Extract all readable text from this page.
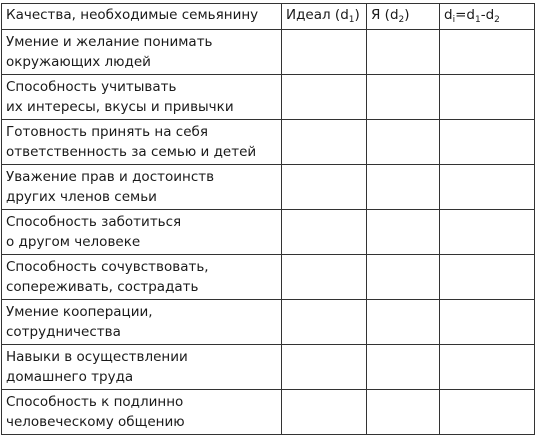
Качества, необходимые семьянину	Идеал $(d_1)$	Я $(d_2)$	$d_i=d_1-d_2$

Умение и желание понимать
окружающих людей			

Способность учитывать
их интересы, вкусы и привычки			

Готовность принять на себя
ответственность за семью и детей			

Уважение прав и достоинств
других членов семьи			

Способность заботиться
о другом человеке			

Способность сочувствовать,
сопереживать, сострадать			

Умение кооперации,
сотрудничества			

Навыки в осуществлении
домашнего труда			

Способность к подлинно
человеческому общению			
